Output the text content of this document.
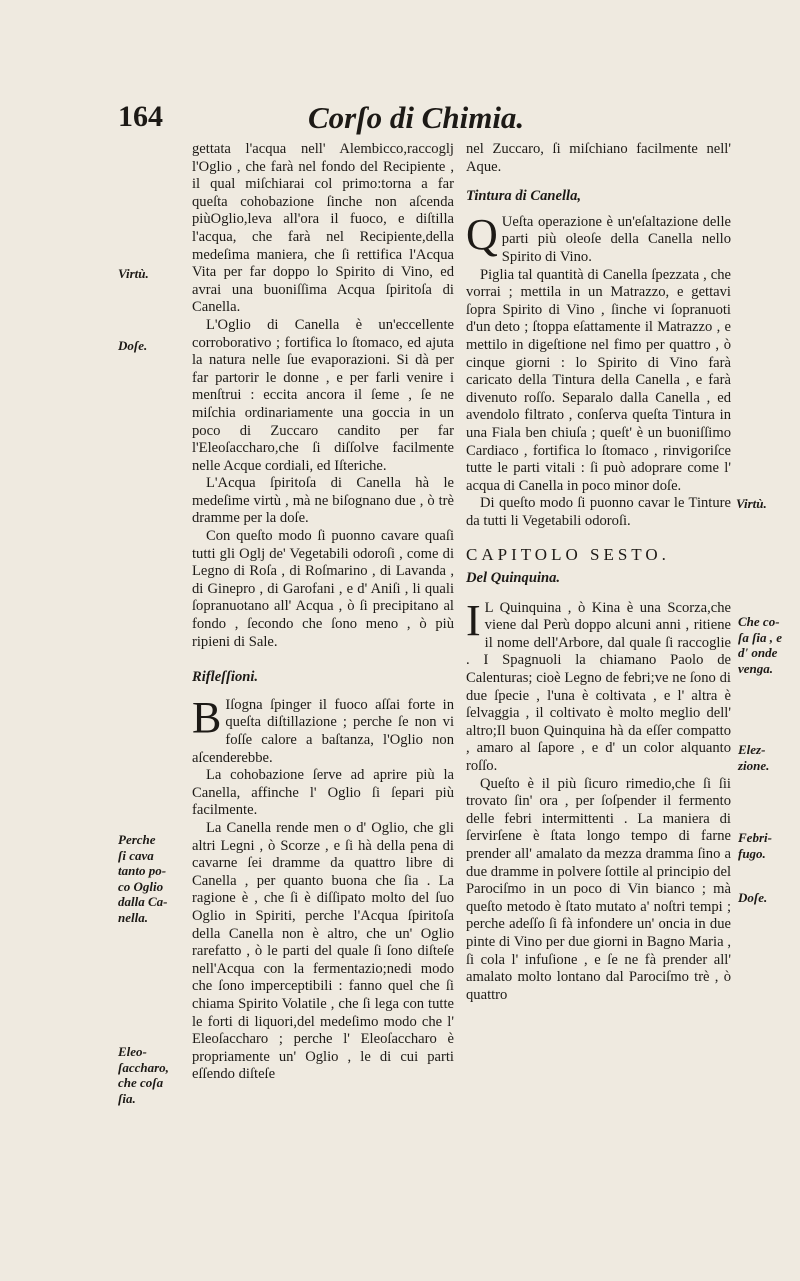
164	Corſo di Chimia.

gettata l'acqua nell' Alembicco,raccoglj l'Oglio , che farà nel fondo del Recipiente , il qual miſchiarai col primo:torna a far queſta cohobazione ſinche non aſcenda piùOglio,leva all'ora il fuoco, e diſtilla l'acqua, che farà nel Recipiente,della medeſima maniera, che ſi rettifica l'Acqua Vita per far doppo lo Spirito di Vino, ed avrai una buoniſſima Acqua ſpiritoſa di Canella.

L'Oglio di Canella è un'eccellente corroborativo ; fortifica lo ſtomaco, ed ajuta la natura nelle ſue evaporazioni. Si dà per far partorir le donne , e per farli venire i menſtrui : eccita ancora il ſeme , ſe ne miſchia ordinariamente una goccia in un poco di Zuccaro candito per far l'Eleoſaccharo,che ſi diſſolve facilmente nelle Acque cordiali, ed Iſteriche.

L'Acqua ſpiritoſa di Canella hà le medeſime virtù , mà ne biſognano due , ò trè dramme per la doſe.

Con queſto modo ſi puonno cavare quaſi tutti gli Oglj de' Vegetabili odoroſi , come di Legno di Roſa , di Roſmarino , di Lavanda , di Ginepro , di Garofani , e d' Aniſi , li quali ſopranuotano all' Acqua , ò ſi precipitano al fondo , ſecondo che ſono meno , ò più ripieni di Sale.

Rifleſſioni.

B Iſogna ſpinger il fuoco aſſai forte in queſta diſtillazione ; perche ſe non vi foſſe calore a baſtanza, l'Oglio non aſcenderebbe.

La cohobazione ſerve ad aprire più la Canella, affinche l' Oglio ſi ſepari più facilmente.

La Canella rende men o d' Oglio, che gli altri Legni , ò Scorze , e ſi hà della pena di cavarne ſei dramme da quattro libre di Canella , per quanto buona che ſia . La ragione è , che ſi è diſſipato molto del ſuo Oglio in Spiriti, perche l'Acqua ſpiritoſa della Canella non è altro, che un' Oglio rarefatto , ò le parti del quale ſi ſono diſteſe nell'Acqua con la fermentazio;nedi modo che ſono imperceptibili : fanno quel che ſi chiama Spirito Volatile , che ſi lega con tutte le forti di liquori,del medeſimo modo che l' Eleoſaccharo ; perche l' Eleoſaccharo è propriamente un' Oglio , le di cui parti eſſendo diſteſe

nel Zuccaro, ſi miſchiano facilmente nell' Aque.

Tintura di Canella,

Q Ueſta operazione è un'eſaltazione delle parti più oleoſe della Canella nello Spirito di Vino.

Piglia tal quantità di Canella ſpezzata , che vorrai ; mettila in un Matrazzo, e gettavi ſopra Spirito di Vino , ſinche vi ſopranuoti d'un deto ; ſtoppa eſattamente il Matrazzo , e mettilo in digeſtione nel fimo per quattro , ò cinque giorni : lo Spirito di Vino farà caricato della Tintura della Canella , e farà divenuto roſſo. Separalo dalla Canella , ed avendolo filtrato , conſerva queſta Tintura in una Fiala ben chiuſa ; queſt' è un buoniſſimo Cardiaco , fortifica lo ſtomaco , rinvigoriſce tutte le parti vitali : ſi può adoprare come l' acqua di Canella in poco minor doſe.

Di queſto modo ſi puonno cavar le Tinture da tutti li Vegetabili odoroſi.

CAPITOLO SESTO.

Del Quinquina.

I L Quinquina , ò Kina è una Scorza,che viene dal Perù doppo alcuni anni , ritiene il nome dell'Arbore, dal quale ſi raccoglie . I Spagnuoli la chiamano Paolo de Calenturas; cioè Legno de febri;ve ne ſono di due ſpecie , l'una è coltivata , e l' altra è ſelvaggia , il coltivato è molto meglio dell' altro;Il buon Quinquina hà da eſſer compatto , amaro al ſapore , e d' un color alquanto roſſo.

Queſto è il più ſicuro rimedio,che ſi ſii trovato ſin' ora , per ſoſpender il fermento delle febri intermittenti . La maniera di ſervirſene è ſtata longo tempo di farne prender all' amalato da mezza dramma ſino a due dramme in polvere ſottile al principio del Parociſmo in un poco di Vin bianco ; mà queſto metodo è ſtato mutato a' noſtri tempi ; perche adeſſo ſi fà infondere un' oncia in due pinte di Vino per due giorni in Bagno Maria , ſi cola l' infuſione , e ſe ne fà prender all' amalato molto lontano dal Parociſmo trè , ò quattro

Virtù.
Doſe.
Perche
ſi cava
tanto po-
co Oglio
dalla Ca-
nella.
Eleo-
ſaccharo,
che coſa
ſia.
Virtù.
Che co-
ſa ſia , e
d' onde
venga.
Elez-
zione.
Febri-
fugo.
Doſe.
